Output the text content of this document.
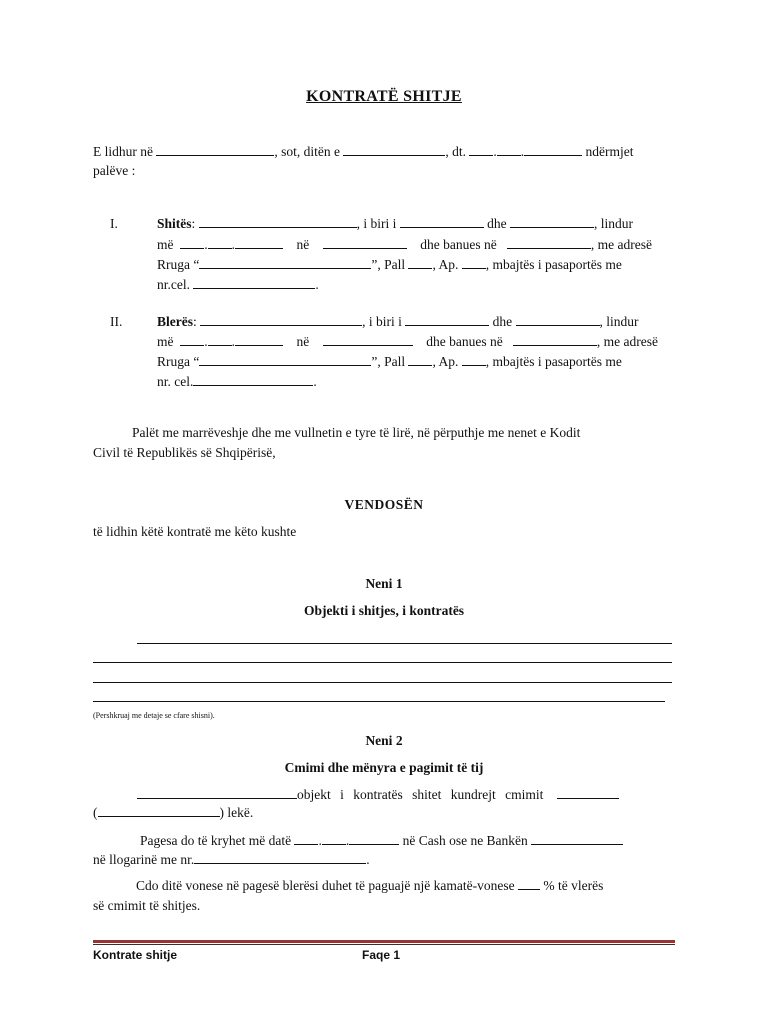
KONTRATË SHITJE
E lidhur në	, sot, ditën e	, dt. . .	ndërmjet
palëve :
I.	Shitës:	, i biri i	dhe	, lindur
më . .	në	dhe banues në	, me adresë
Rruga “	”, Pall , Ap. , mbajtës i pasaportës me
nr.cel.	.
II.	Blerës:	, i biri i	dhe	, lindur
më . .	në	dhe banues në	, me adresë
Rruga “	”, Pall , Ap. , mbajtës i pasaportës me
nr. cel.	.
Palët me marrëveshje dhe me vullnetin e tyre të lirë, në përputhje me nenet e Kodit
Civil të Republikës së Shqipërisë,
VENDOSËN
të lidhin këtë kontratë me këto kushte
Neni 1
Objekti i shitjes, i kontratës
(Pershkruaj me detaje se cfare shisni).
Neni 2
Cmimi dhe mënyra e pagimit të tij
objekt i kontratës shitet kundrejt cmimit
(	) lekë.
Pagesa do të kryhet më datë . .	në Cash ose ne Bankën
në llogarinë me nr.	.
Cdo ditë vonese në pagesë blerësi duhet të paguajë një kamatë-vonese % të vlerës
së cmimit të shitjes.
Kontrate shitje	Faqe 1
